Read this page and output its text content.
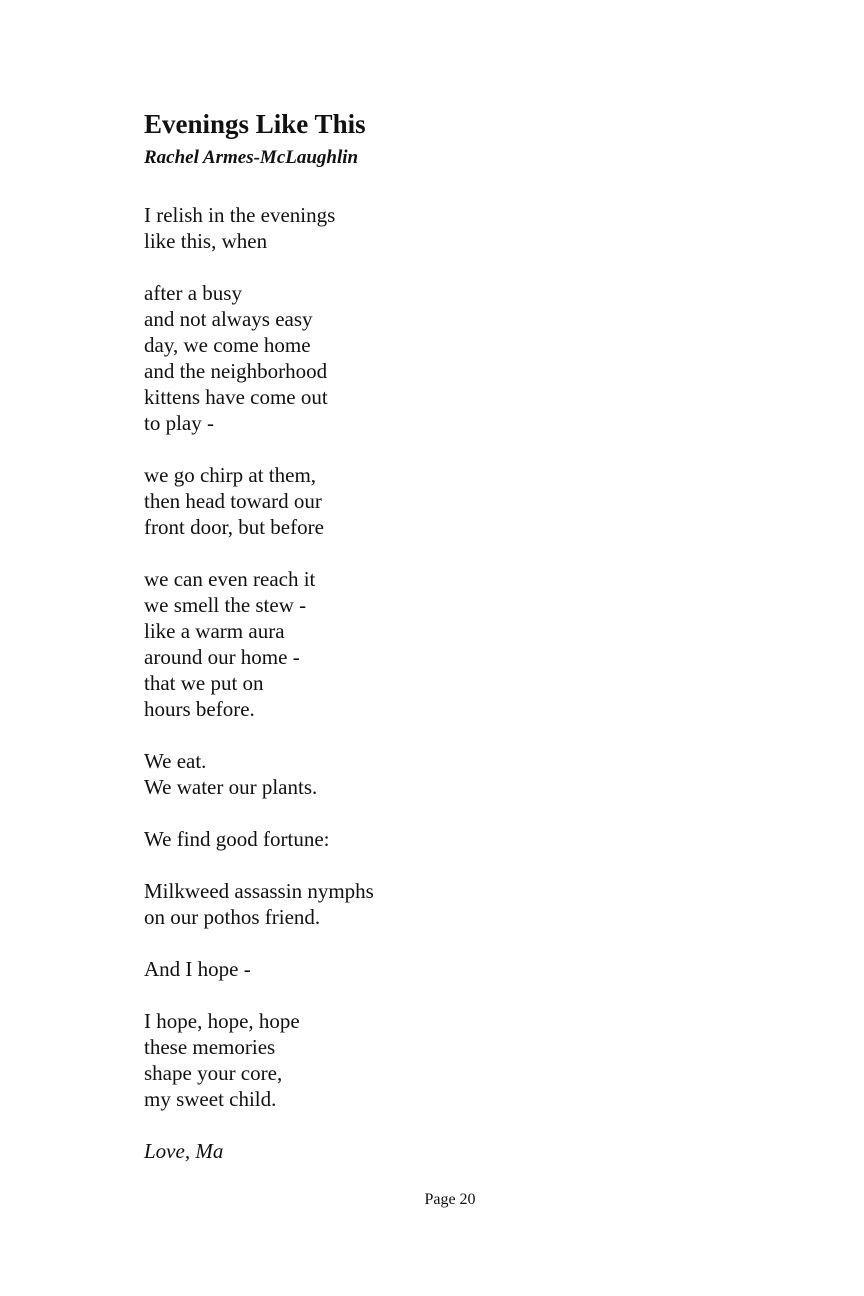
Evenings Like This
Rachel Armes-McLaughlin
I relish in the evenings
like this, when
after a busy
and not always easy
day, we come home
and the neighborhood
kittens have come out
to play -
we go chirp at them,
then head toward our
front door, but before
we can even reach it
we smell the stew -
like a warm aura
around our home -
that we put on
hours before.
We eat.
We water our plants.
We find good fortune:
Milkweed assassin nymphs
on our pothos friend.
And I hope -
I hope, hope, hope
these memories
shape your core,
my sweet child.
Love, Ma
Page 20
